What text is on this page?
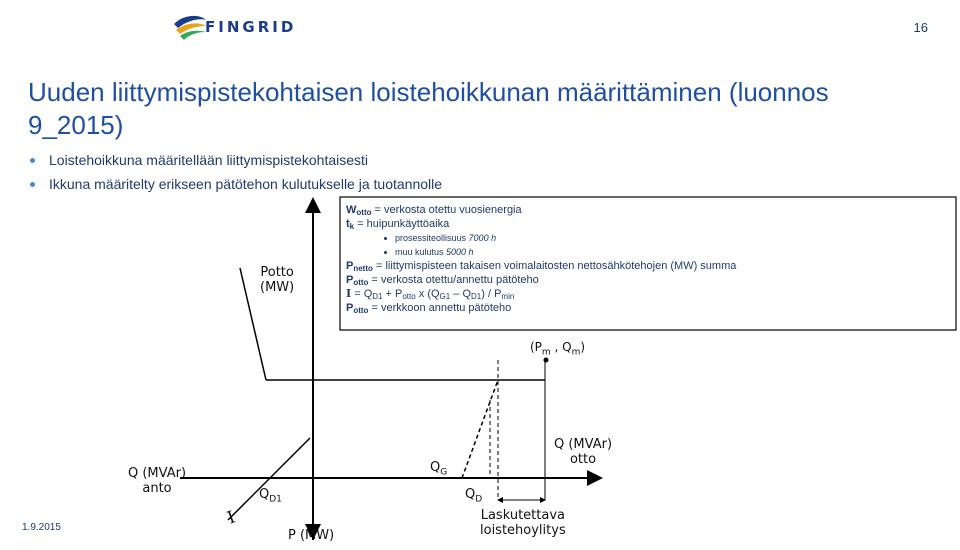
FINGRID	16
Uuden liittymispistekohtaisen loistehoikkunan määrittäminen (luonnos 9_2015)
Loistehoikkuna määritellään liittymispistekohtaisesti
Ikkuna määritelty erikseen pätötehon kulutukselle ja tuotannolle
$W_{otto}$ = verkosta otettu vuosienergia
$t_k$ = huipunkäyttöaika
prosessiteollisuus 7000 h
muu kulutus 5000 h
$P_{netto}$ = liittymispisteen takaisen voimalaitosten nettosähkötehojen (MW) summa
$P_{otto}$ = verkosta otettu/annettu pätöteho
$I = Q_{D1} + P_{otto}$ x $(Q_{G1} - Q_{D1}) / P_{min}$
$P_{otto}$ = verkkoon annettu pätöteho
Potto
(MW)
($P_m$ , $Q_m$)
Q (MVAr)
anto
Q (MVAr)
otto
$Q_G$
$Q_D$
$Q_{D1}$
I
P (MW)
Laskutettava
loistehoylitys
1.9.2015
